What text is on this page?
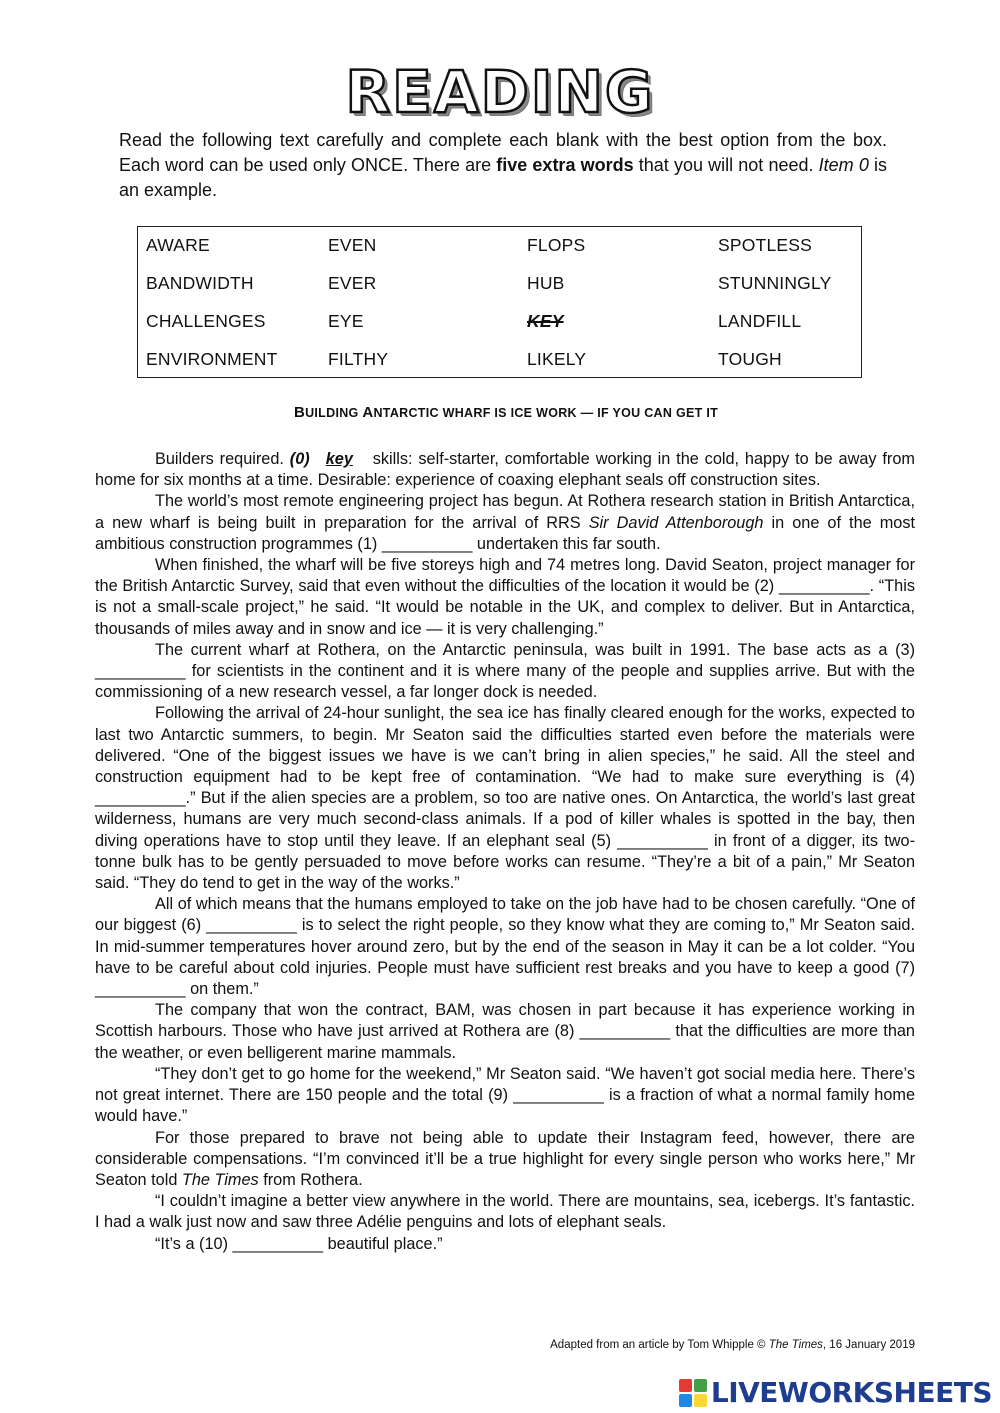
READING
Read the following text carefully and complete each blank with the best option from the box. Each word can be used only ONCE. There are five extra words that you will not need. Item 0 is an example.
AWARE
BANDWIDTH
CHALLENGES
ENVIRONMENT
EVEN
EVER
EYE
FILTHY
FLOPS
HUB
KEY
LIKELY
SPOTLESS
STUNNINGLY
LANDFILL
TOUGH
BUILDING ANTARCTIC WHARF IS ICE WORK — IF YOU CAN GET IT

Builders required. (0) key skills: self-starter, comfortable working in the cold, happy to be away from home for six months at a time. Desirable: experience of coaxing elephant seals off construction sites.

The world’s most remote engineering project has begun. At Rothera research station in British Antarctica, a new wharf is being built in preparation for the arrival of RRS Sir David Attenborough in one of the most ambitious construction programmes (1) __________ undertaken this far south.

When finished, the wharf will be five storeys high and 74 metres long. David Seaton, project manager for the British Antarctic Survey, said that even without the difficulties of the location it would be (2) __________. “This is not a small-scale project,” he said. “It would be notable in the UK, and complex to deliver. But in Antarctica, thousands of miles away and in snow and ice — it is very challenging.”

The current wharf at Rothera, on the Antarctic peninsula, was built in 1991. The base acts as a (3) __________ for scientists in the continent and it is where many of the people and supplies arrive. But with the commissioning of a new research vessel, a far longer dock is needed.

Following the arrival of 24-hour sunlight, the sea ice has finally cleared enough for the works, expected to last two Antarctic summers, to begin. Mr Seaton said the difficulties started even before the materials were delivered. “One of the biggest issues we have is we can’t bring in alien species,” he said. All the steel and construction equipment had to be kept free of contamination. “We had to make sure everything is (4) __________.” But if the alien species are a problem, so too are native ones. On Antarctica, the world’s last great wilderness, humans are very much second-class animals. If a pod of killer whales is spotted in the bay, then diving operations have to stop until they leave. If an elephant seal (5) __________ in front of a digger, its two-tonne bulk has to be gently persuaded to move before works can resume. “They’re a bit of a pain,” Mr Seaton said. “They do tend to get in the way of the works.”

All of which means that the humans employed to take on the job have had to be chosen carefully. “One of our biggest (6) __________ is to select the right people, so they know what they are coming to,” Mr Seaton said. In mid-summer temperatures hover around zero, but by the end of the season in May it can be a lot colder. “You have to be careful about cold injuries. People must have sufficient rest breaks and you have to keep a good (7) __________ on them.”

The company that won the contract, BAM, was chosen in part because it has experience working in Scottish harbours. Those who have just arrived at Rothera are (8) __________ that the difficulties are more than the weather, or even belligerent marine mammals.

“They don’t get to go home for the weekend,” Mr Seaton said. “We haven’t got social media here. There’s not great internet. There are 150 people and the total (9) __________ is a fraction of what a normal family home would have.”

For those prepared to brave not being able to update their Instagram feed, however, there are considerable compensations. “I’m convinced it’ll be a true highlight for every single person who works here,” Mr Seaton told The Times from Rothera.

“I couldn’t imagine a better view anywhere in the world. There are mountains, sea, icebergs. It’s fantastic. I had a walk just now and saw three Adélie penguins and lots of elephant seals.

“It’s a (10) __________ beautiful place.”

Adapted from an article by Tom Whipple © The Times, 16 January 2019
LIVEWORKSHEETS
